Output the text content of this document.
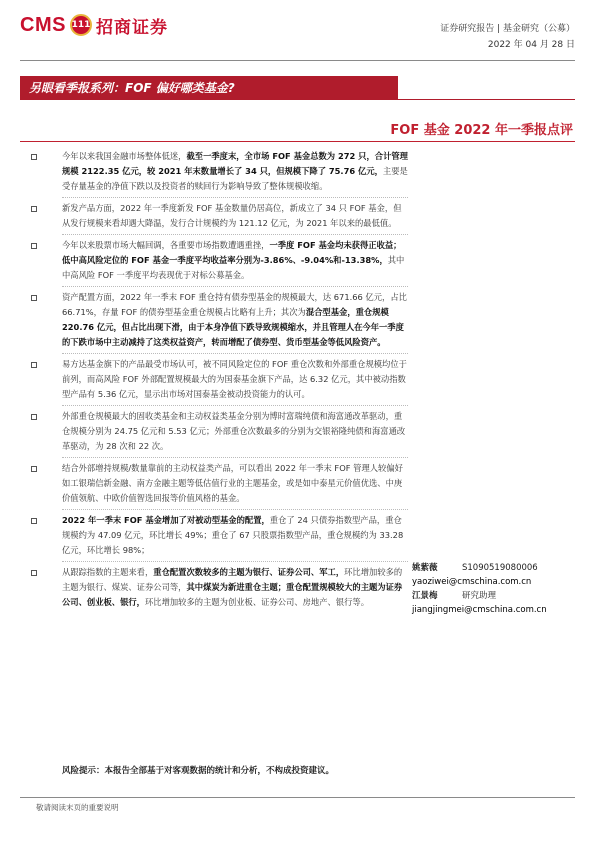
CMS 111 招商证券	证券研究报告 | 基金研究（公募）
2022 年 04 月 28 日
另眼看季报系列：FOF 偏好哪类基金?
FOF 基金 2022 年一季报点评
今年以来我国金融市场整体低迷，截至一季度末，全市场 FOF 基金总数为 272 只，合计管理规模 2122.35 亿元，较 2021 年末数量增长了 34 只，但规模下降了 75.76 亿元，主要是受存量基金的净值下跌以及投资者的赎回行为影响导致了整体规模收缩。
新发产品方面，2022 年一季度新发 FOF 基金数量仍居高位，新成立了 34 只 FOF 基金，但从发行规模来看却遇大降温，发行合计规模约为 121.12 亿元，为 2021 年以来的最低值。
今年以来股票市场大幅回调，各重要市场指数遭遇重挫，一季度 FOF 基金均未获得正收益；低中高风险定位的 FOF 基金一季度平均收益率分别为-3.86%、-9.04%和-13.38%，其中中高风险 FOF 一季度平均表现优于对标公募基金。
资产配置方面，2022 年一季末 FOF 重仓持有债券型基金的规模最大，达 671.66 亿元，占比 66.71%，存量 FOF 的债券型基金重仓规模占比略有上升；其次为混合型基金，重仓规模 220.76 亿元，但占比出现下滑，由于本身净值下跌导致规模缩水，并且管理人在今年一季度的下跌市场中主动减持了这类权益资产，转而增配了债券型、货币型基金等低风险资产。
易方达基金旗下的产品最受市场认可，被不同风险定位的 FOF 重仓次数和外部重仓规模均位于前列，而高风险 FOF 外部配置规模最大的为国泰基金旗下产品，达 6.32 亿元，其中被动指数型产品有 5.36 亿元，显示出市场对国泰基金被动投资能力的认可。
外部重仓规模最大的固收类基金和主动权益类基金分别为博时富瑞纯债和海富通改革驱动，重仓规模分别为 24.75 亿元和 5.53 亿元；外部重仓次数最多的分别为交银裕隆纯债和海富通改革驱动，为 28 次和 22 次。
结合外部增持规模/数量靠前的主动权益类产品，可以看出 2022 年一季末 FOF 管理人较偏好如工银瑞信新金融、南方金融主题等低估值行业的主题基金，或是如中泰星元价值优选、中庚价值领航、中欧价值智选回报等价值风格的基金。
2022 年一季末 FOF 基金增加了对被动型基金的配置，重仓了 24 只债券指数型产品，重仓规模约为 47.09 亿元，环比增长 49%；重仓了 67 只股票指数型产品，重仓规模约为 33.28 亿元，环比增长 98%；
从跟踪指数的主题来看，重仓配置次数较多的主题为银行、证券公司、军工，环比增加较多的主题为银行、煤炭、证券公司等，其中煤炭为新进重仓主题；重仓配置规模较大的主题为证券公司、创业板、银行，环比增加较多的主题为创业板、证券公司、房地产、银行等。
姚紫薇	S1090519080006
yaoziwei@cmschina.com.cn
江景梅	研究助理
jiangjingmei@cmschina.com.cn
风险提示：本报告全部基于对客观数据的统计和分析，不构成投资建议。
敬请阅读末页的重要说明
